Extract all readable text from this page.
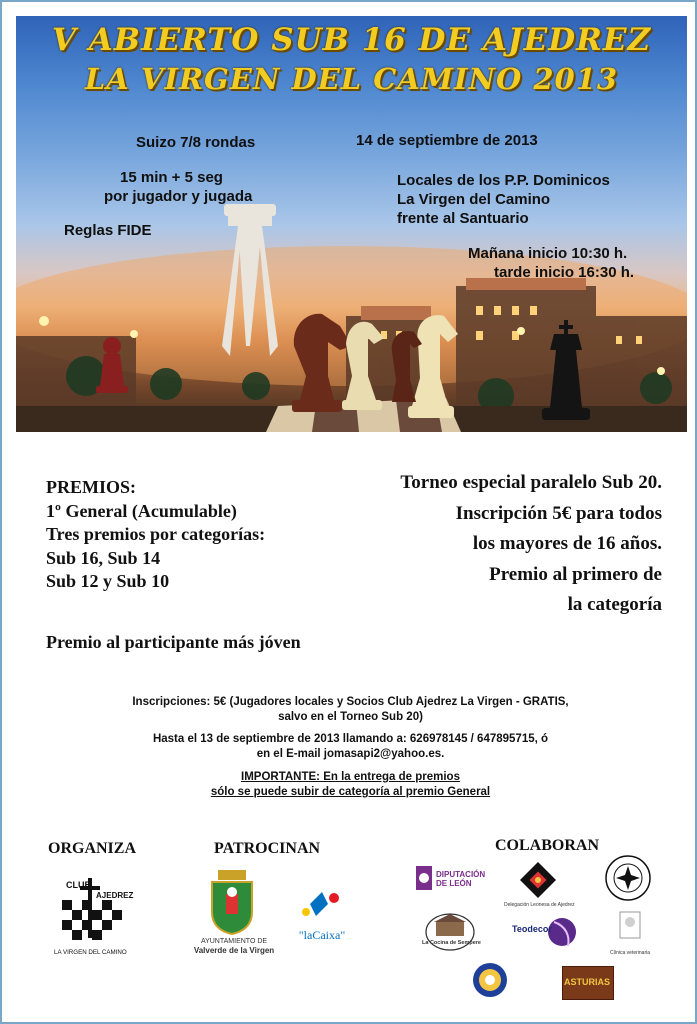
V ABIERTO SUB 16 DE AJEDREZ
LA VIRGEN DEL CAMINO 2013
Suizo 7/8 rondas	14 de septiembre de 2013
15 min + 5 seg
por jugador y jugada
Locales de los P.P. Dominicos
La Virgen del Camino
frente al Santuario
Reglas FIDE
Mañana inicio 10:30 h.
tarde inicio 16:30 h.
PREMIOS:
1º General (Acumulable)
Tres premios por categorías:
Sub 16, Sub 14
Sub 12 y Sub 10
Premio al participante más jóven
Torneo especial paralelo Sub 20.
Inscripción 5€ para todos
los mayores de 16 años.
Premio al primero de
la categoría
Inscripciones: 5€ (Jugadores locales y Socios Club Ajedrez La Virgen - GRATIS,
salvo en el Torneo Sub 20)
Hasta el 13 de septiembre de 2013 llamando a: 626978145 / 647895715, ó
en el E-mail jomasapi2@yahoo.es.
IMPORTANTE: En la entrega de premios
sólo se puede subir de categoría al premio General
ORGANIZA	PATROCINAN	COLABORAN
CLUB
AJEDREZ
LA VIRGEN DEL CAMINO
AYUNTAMIENTO DE
Valverde de la Virgen
"laCaixa"
DIPUTACIÓN
DE LEÓN
Delegación Leonesa de Ajedrez
La Cocina de Sempere
Teodecor
Clínica veterinaria
ASTURIAS
